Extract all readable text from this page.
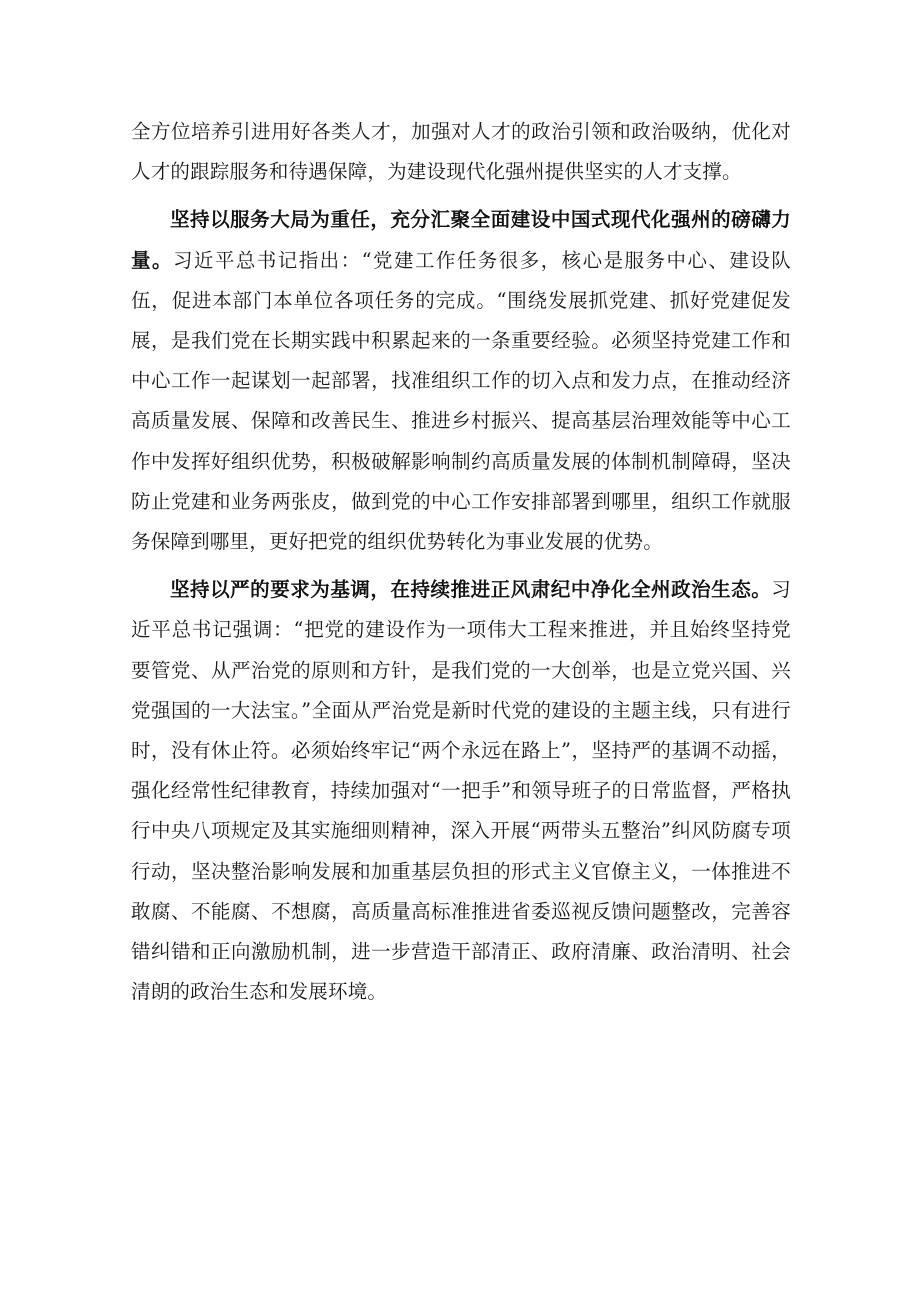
全方位培养引进用好各类人才，加强对人才的政治引领和政治吸纳，优化对人才的跟踪服务和待遇保障，为建设现代化强州提供坚实的人才支撑。

坚持以服务大局为重任，充分汇聚全面建设中国式现代化强州的磅礴力量。习近平总书记指出：“党建工作任务很多，核心是服务中心、建设队伍，促进本部门本单位各项任务的完成。“围绕发展抓党建、抓好党建促发展，是我们党在长期实践中积累起来的一条重要经验。必须坚持党建工作和中心工作一起谋划一起部署，找准组织工作的切入点和发力点，在推动经济高质量发展、保障和改善民生、推进乡村振兴、提高基层治理效能等中心工作中发挥好组织优势，积极破解影响制约高质量发展的体制机制障碍，坚决防止党建和业务两张皮，做到党的中心工作安排部署到哪里，组织工作就服务保障到哪里，更好把党的组织优势转化为事业发展的优势。

坚持以严的要求为基调，在持续推进正风肃纪中净化全州政治生态。习近平总书记强调：“把党的建设作为一项伟大工程来推进，并且始终坚持党要管党、从严治党的原则和方针，是我们党的一大创举，也是立党兴国、兴党强国的一大法宝。”全面从严治党是新时代党的建设的主题主线，只有进行时，没有休止符。必须始终牢记“两个永远在路上”，坚持严的基调不动摇，强化经常性纪律教育，持续加强对“一把手”和领导班子的日常监督，严格执行中央八项规定及其实施细则精神，深入开展“两带头五整治”纠风防腐专项行动，坚决整治影响发展和加重基层负担的形式主义官僚主义，一体推进不敢腐、不能腐、不想腐，高质量高标准推进省委巡视反馈问题整改，完善容错纠错和正向激励机制，进一步营造干部清正、政府清廉、政治清明、社会清朗的政治生态和发展环境。
